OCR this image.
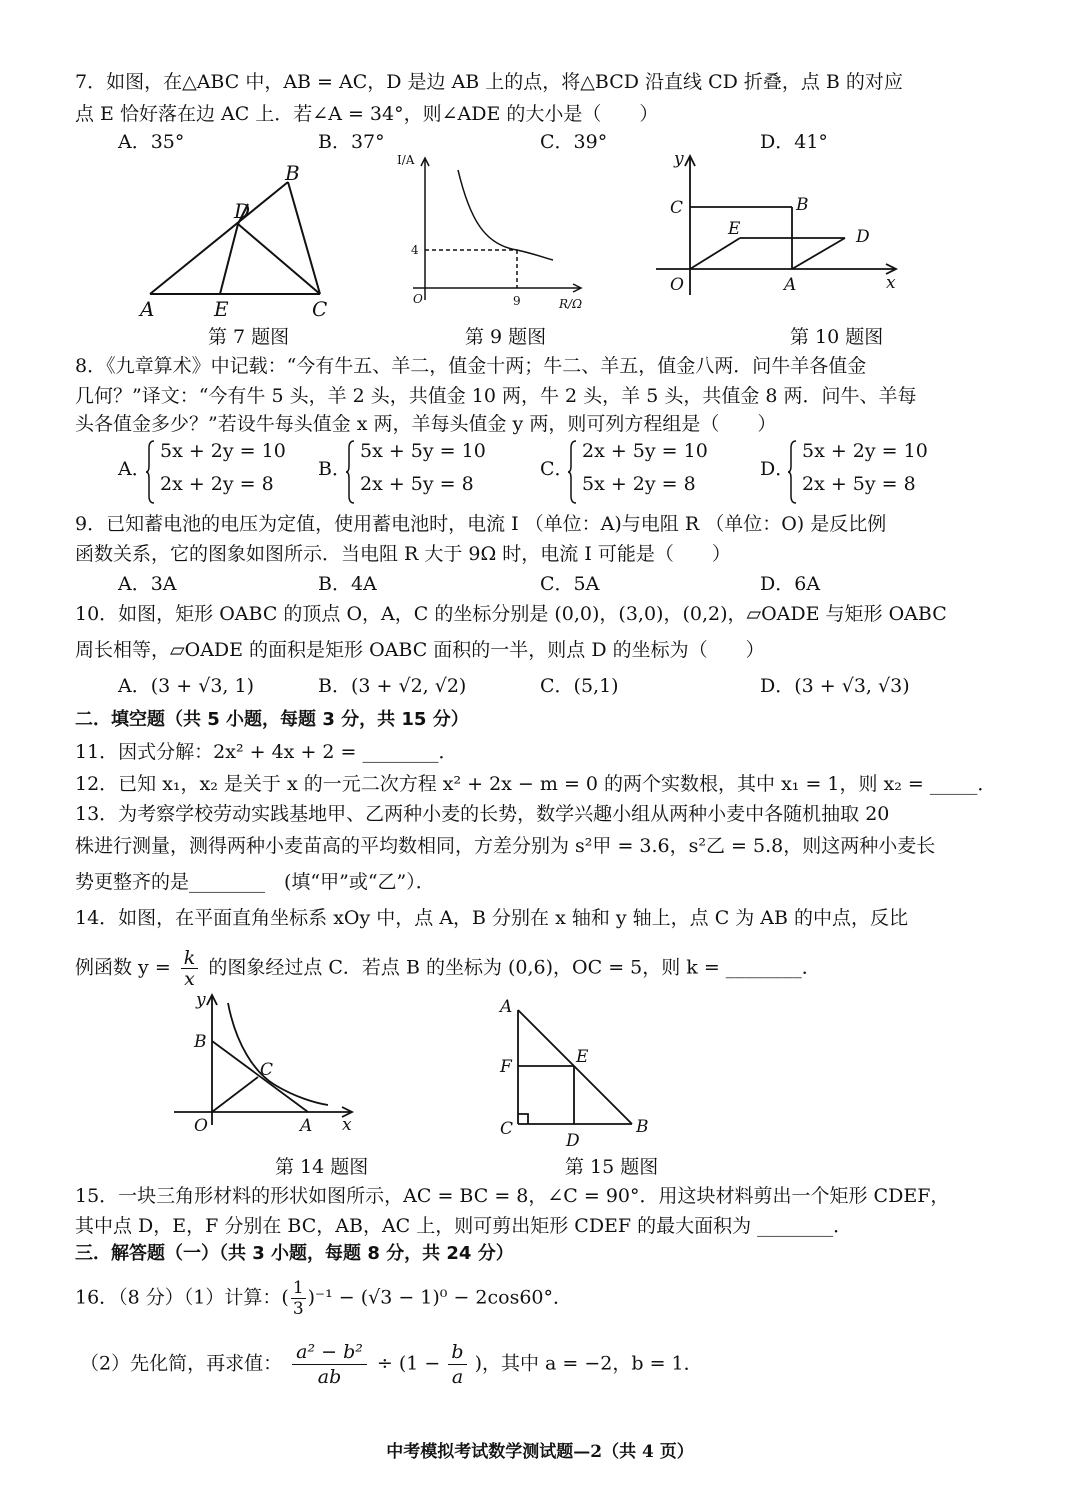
7．如图，在△ABC 中，AB = AC，D 是边 AB 上的点，将△BCD 沿直线 CD 折叠，点 B 的对应
点 E 恰好落在边 AC 上．若∠A = 34°，则∠ADE 的大小是（　　）
A．35°	B．37°	C．39°	D．41°
A	E	C
D
B
第 7 题图
I/A
R/Ω
O	9
4
第 9 题图
y
C	B
E	D
O	A	x
第 10 题图
8．《九章算术》中记载：“今有牛五、羊二，值金十两；牛二、羊五，值金八两．问牛羊各值金
几何？”译文：“今有牛 5 头，羊 2 头，共值金 10 两，牛 2 头，羊 5 头，共值金 8 两．问牛、羊每
头各值金多少？”若设牛每头值金 x 两，羊每头值金 y 两，则可列方程组是（　　）
A．
5x + 2y = 10
2x + 2y = 8
B．
5x + 5y = 10
2x + 5y = 8
C．
2x + 5y = 10
5x + 2y = 8
D．
5x + 2y = 10
2x + 5y = 8
9．已知蓄电池的电压为定值，使用蓄电池时，电流 I （单位：A)与电阻 R （单位：O) 是反比例
函数关系，它的图象如图所示．当电阻 R 大于 9Ω 时，电流 I 可能是（　　）
A．3A	B．4A	C．5A	D．6A
10．如图，矩形 OABC 的顶点 O，A，C 的坐标分别是 (0,0)，(3,0)，(0,2)，▱OADE 与矩形 OABC
周长相等，▱OADE 的面积是矩形 OABC 面积的一半，则点 D 的坐标为（　　）
A．(3 + √3, 1)	B．(3 + √2, √2)	C．(5,1)	D．(3 + √3, √3)
二．填空题（共 5 小题，每题 3 分，共 15 分）
11．因式分解：2x² + 4x + 2 = ________．
12．已知 x₁，x₂ 是关于 x 的一元二次方程 x² + 2x − m = 0 的两个实数根，其中 x₁ = 1，则 x₂ = _____．
13．为考察学校劳动实践基地甲、乙两种小麦的长势，数学兴趣小组从两种小麦中各随机抽取 20
株进行测量，测得两种小麦苗高的平均数相同，方差分别为 s²甲 = 3.6，s²乙 = 5.8，则这两种小麦长
势更整齐的是________　(填“甲”或“乙”）．
14．如图，在平面直角坐标系 xOy 中，点 A，B 分别在 x 轴和 y 轴上，点 C 为 AB 的中点，反比
例函数 $y = \frac{k}{x}$ 的图象经过点 C．若点 B 的坐标为 (0,6)，OC = 5，则 k = ________．
y
B
C
O	A x
第 14 题图
A
F	E
C
D
B
第 15 题图
15．一块三角形材料的形状如图所示，AC = BC = 8，∠C = 90°．用这块材料剪出一个矩形 CDEF，
其中点 D，E，F 分别在 BC，AB，AC 上，则可剪出矩形 CDEF 的最大面积为 ________．
三．解答题（一）（共 3 小题，每题 8 分，共 24 分）
16．（8 分）（1）计算：( $\frac{1}{3} )^{-1} - (√3 - 1)^0 - 2\cos 60^\circ$．
（2）先化简，再求值： $\frac{\text{a² − b²}}{ab} \div (1 - \frac{b}{a}$ )，其中 a = −2，b = 1．
中考模拟考试数学测试题—2（共 4 页）
